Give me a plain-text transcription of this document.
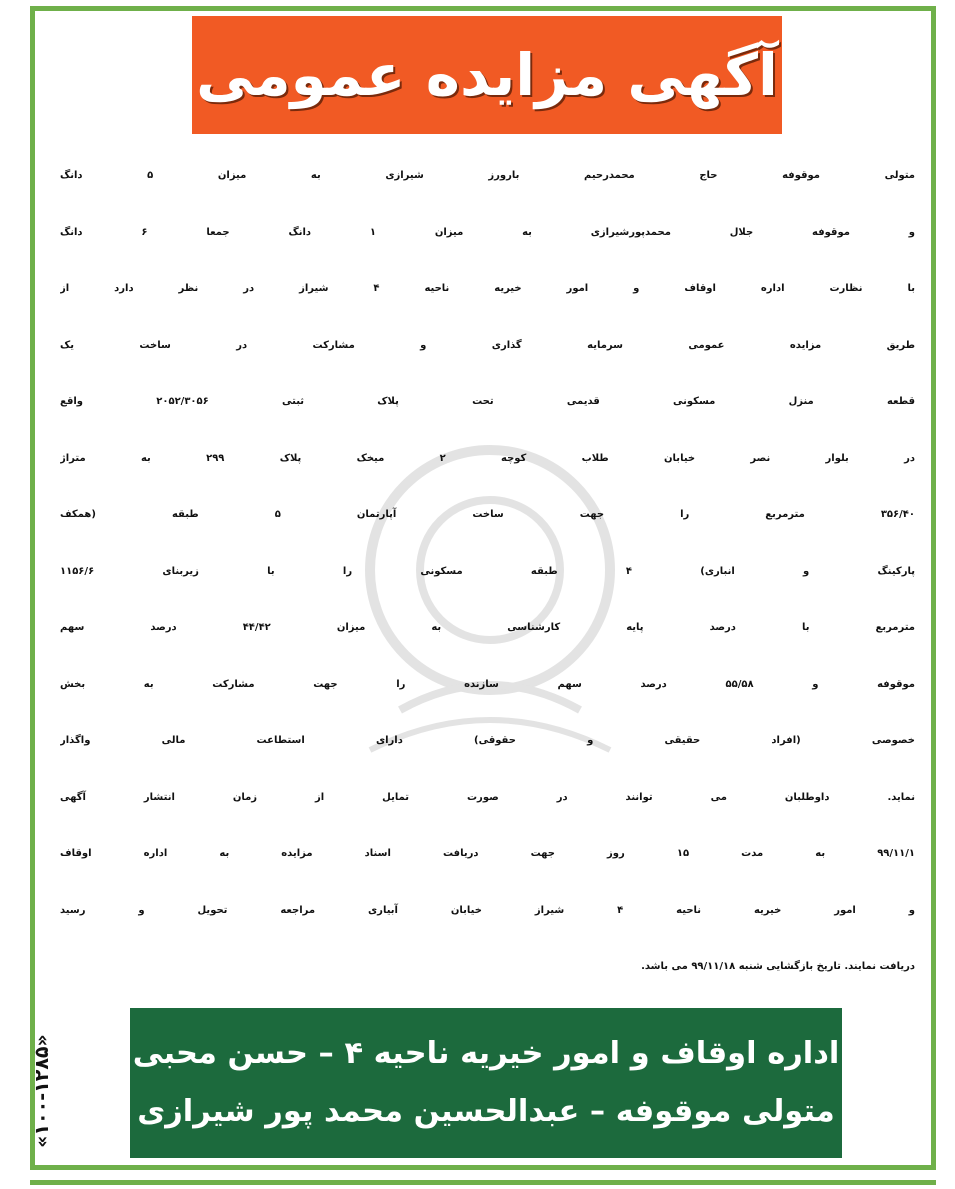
آگهی مزایده عمومی
متولی موقوفه حاج محمدرحیم بارورز شیرازی به میزان ۵ دانگ
و موقوفه جلال محمدپورشیرازی به میزان ۱ دانگ جمعا ۶ دانگ
با نظارت اداره اوقاف و امور خیریه ناحیه ۴ شیراز در نظر دارد از
طریق مزایده عمومی سرمایه گذاری و مشارکت در ساخت یک
قطعه منزل مسکونی قدیمی تحت پلاک ثبتی ۲۰۵۲/۳۰۵۶ واقع
در بلوار نصر خیابان طلاب کوچه ۲ میخک پلاک ۲۹۹ به متراژ
۳۵۶/۴۰ مترمربع را جهت ساخت آپارتمان ۵ طبقه (همکف
پارکینگ و انباری) ۴ طبقه مسکونی را با زیربنای ۱۱۵۶/۶
مترمربع با درصد پایه کارشناسی به میزان ۴۴/۴۲ درصد سهم
موقوفه و ۵۵/۵۸ درصد سهم سازنده را جهت مشارکت به بخش
خصوصی (افراد حقیقی و حقوقی) دارای استطاعت مالی واگذار
نماید. داوطلبان می توانند در صورت تمایل از زمان انتشار آگهی
۹۹/۱۱/۱ به مدت ۱۵ روز جهت دریافت اسناد مزایده به اداره اوقاف
و امور خیریه ناحیه ۴ شیراز خیابان آبیاری مراجعه تحویل و رسید
دریافت نمایند. تاریخ بازگشایی شنبه ۹۹/۱۱/۱۸ می باشد.
اداره اوقاف و امور خیریه ناحیه ۴ – حسن محبی
متولی موقوفه – عبدالحسین محمد پور شیرازی
«۱۰۰-۱۲۸۵»
